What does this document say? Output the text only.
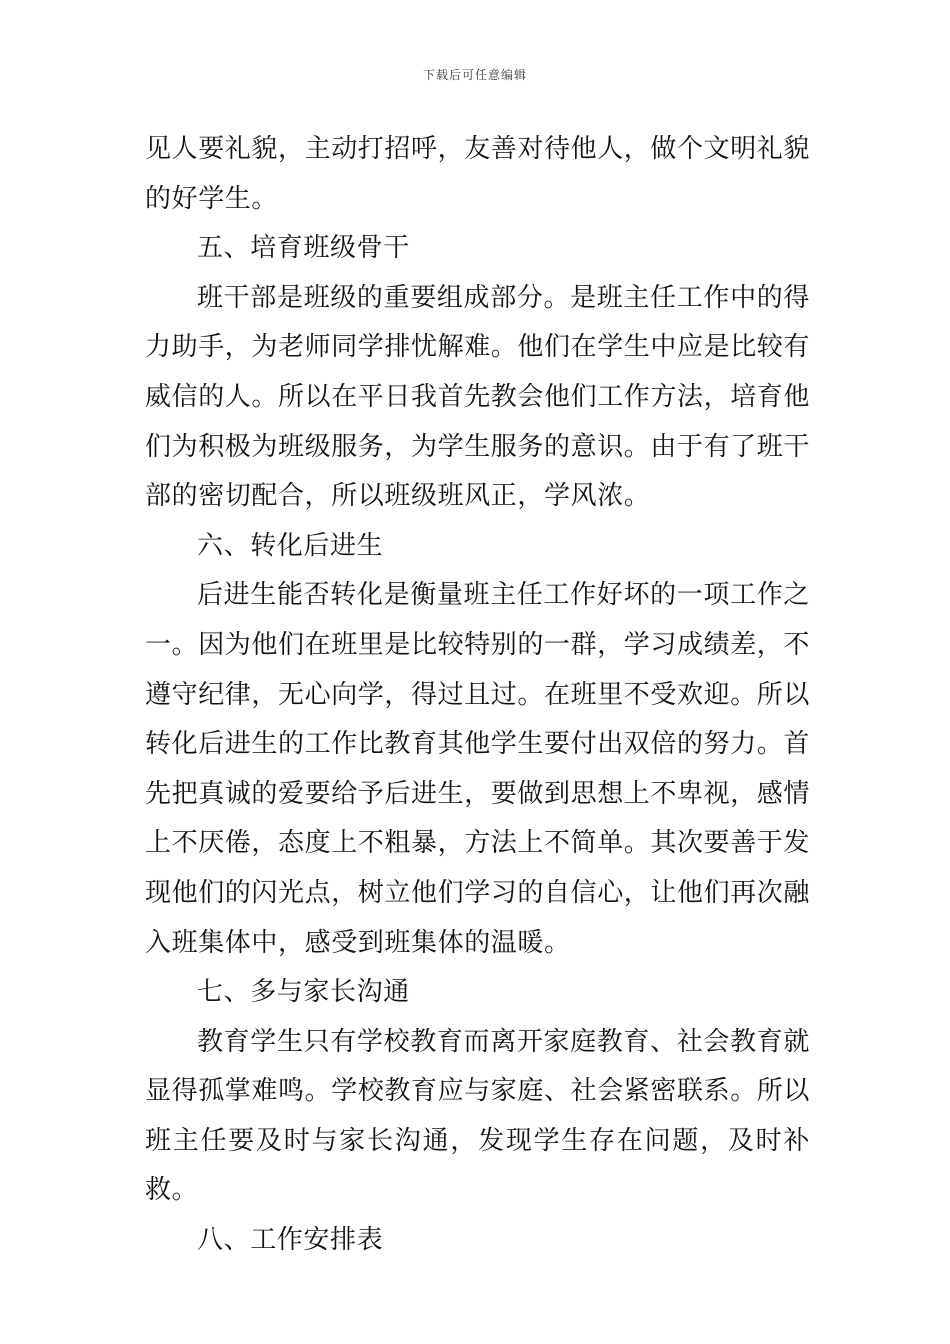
下载后可任意编辑

见人要礼貌，主动打招呼，友善对待他人，做个文明礼貌的好学生。

五、培育班级骨干

班干部是班级的重要组成部分。是班主任工作中的得力助手，为老师同学排忧解难。他们在学生中应是比较有威信的人。所以在平日我首先教会他们工作方法，培育他们为积极为班级服务，为学生服务的意识。由于有了班干部的密切配合，所以班级班风正，学风浓。

六、转化后进生

后进生能否转化是衡量班主任工作好坏的一项工作之一。因为他们在班里是比较特别的一群，学习成绩差，不遵守纪律，无心向学，得过且过。在班里不受欢迎。所以转化后进生的工作比教育其他学生要付出双倍的努力。首先把真诚的爱要给予后进生，要做到思想上不卑视，感情上不厌倦，态度上不粗暴，方法上不简单。其次要善于发现他们的闪光点，树立他们学习的自信心，让他们再次融入班集体中，感受到班集体的温暖。

七、多与家长沟通

教育学生只有学校教育而离开家庭教育、社会教育就显得孤掌难鸣。学校教育应与家庭、社会紧密联系。所以班主任要及时与家长沟通，发现学生存在问题，及时补救。

八、工作安排表
